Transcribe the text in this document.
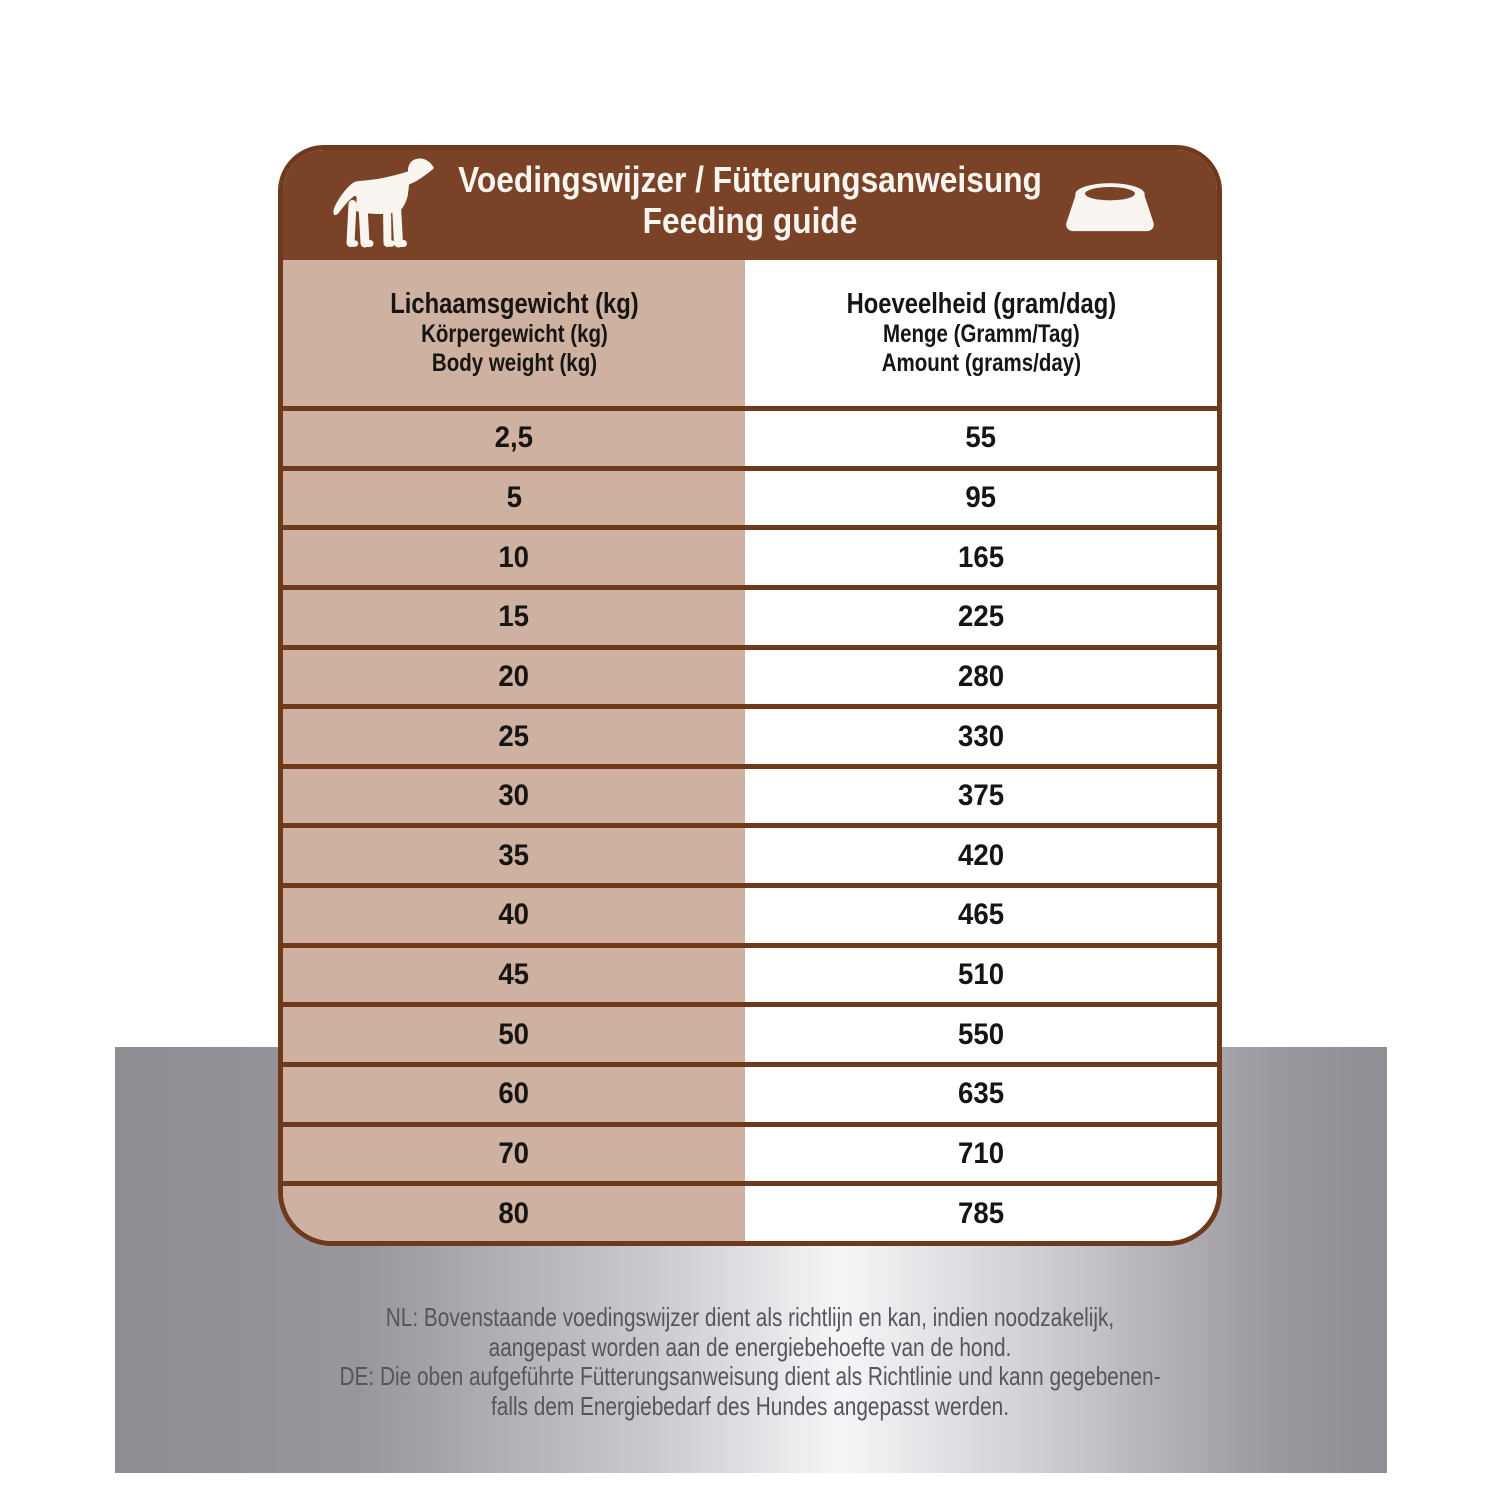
Voedingswijzer / Fütterungsanweisung
Feeding guide
Lichaamsgewicht (kg)
Körpergewicht (kg)
Body weight (kg)
Hoeveelheid (gram/dag)
Menge (Gramm/Tag)
Amount (grams/day)
2,5	55
5	95
10	165
15	225
20	280
25	330
30	375
35	420
40	465
45	510
50	550
60	635
70	710
80	785
NL: Bovenstaande voedingswijzer dient als richtlijn en kan, indien noodzakelijk,
aangepast worden aan de energiebehoefte van de hond.
DE: Die oben aufgeführte Fütterungsanweisung dient als Richtlinie und kann gegebenen-
falls dem Energiebedarf des Hundes angepasst werden.
